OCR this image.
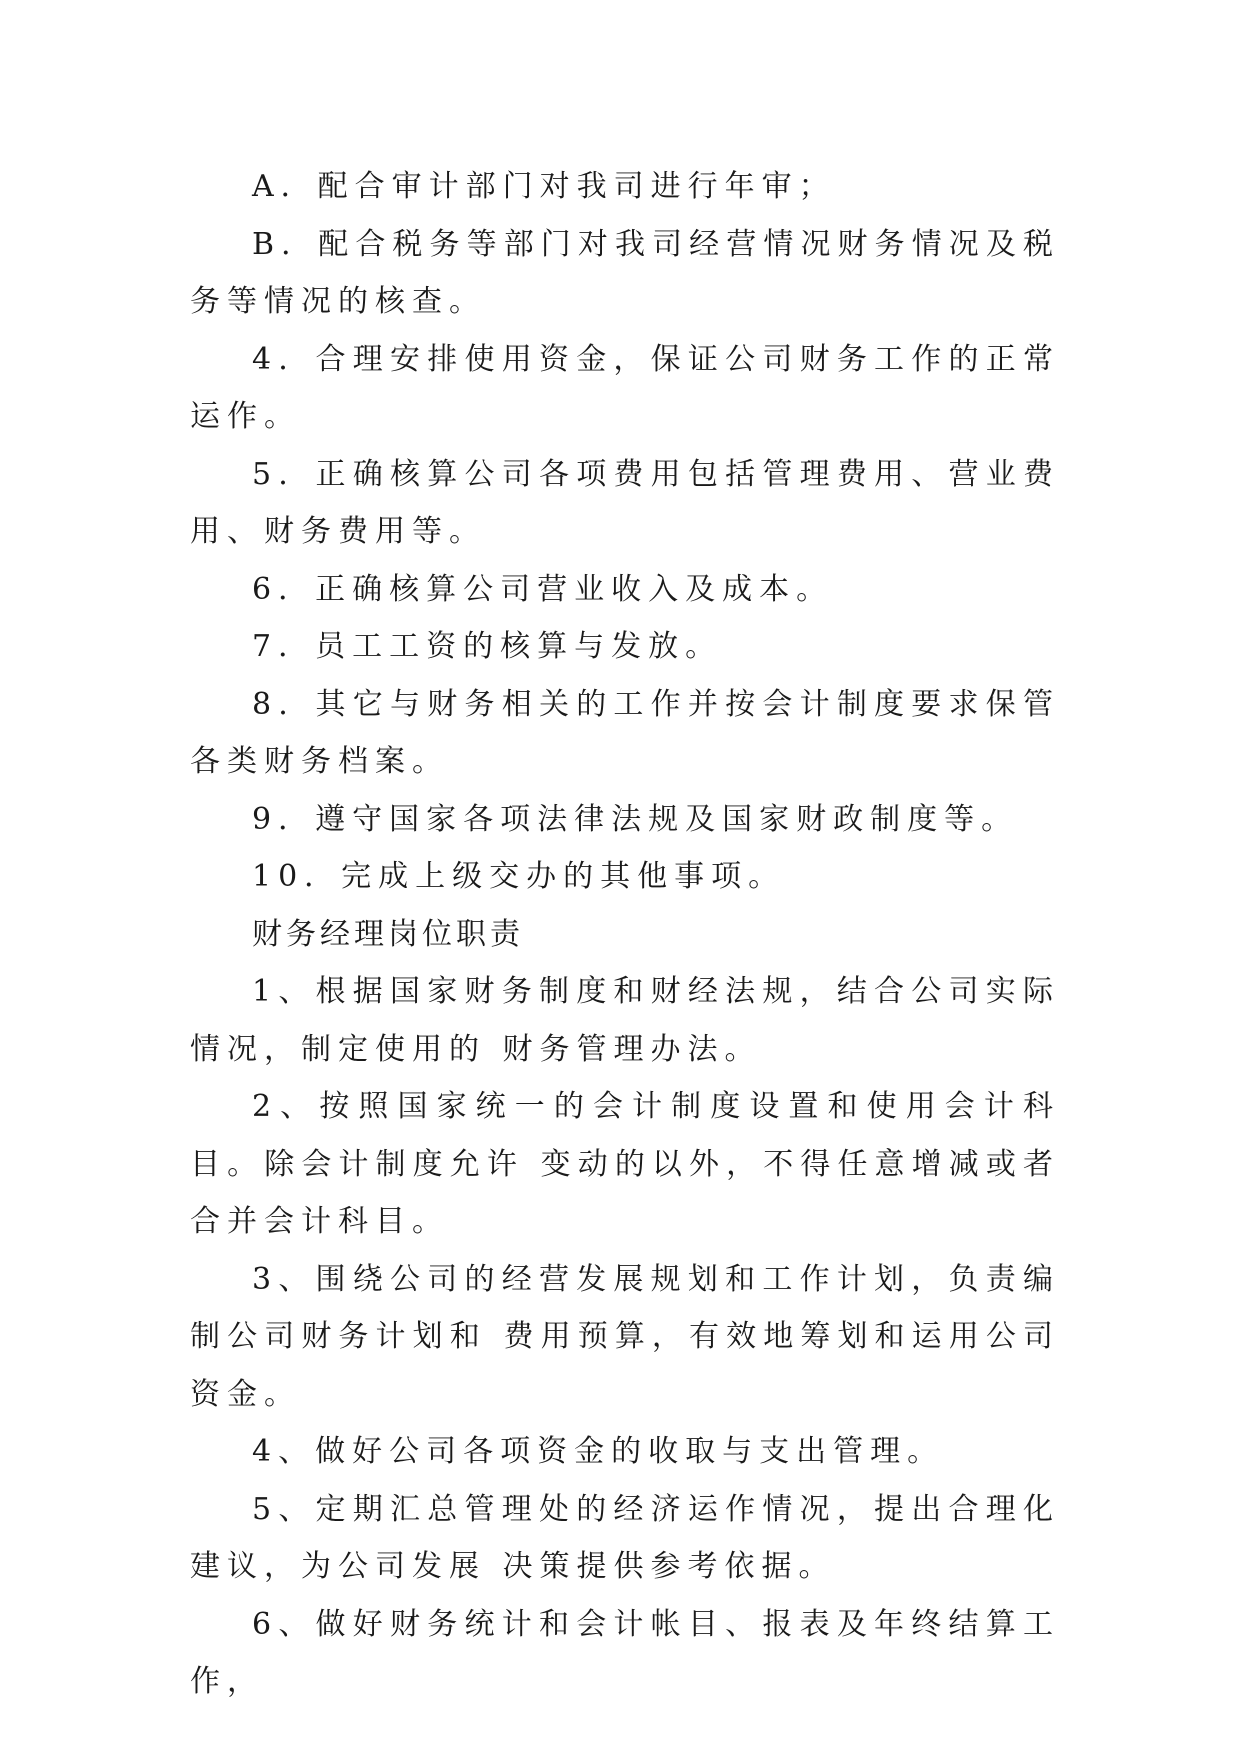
A．配合审计部门对我司进行年审；

B．配合税务等部门对我司经营情况财务情况及税务等情况的核查。

4．合理安排使用资金，保证公司财务工作的正常运作。

5．正确核算公司各项费用包括管理费用、营业费用、财务费用等。

6．正确核算公司营业收入及成本。

7．员工工资的核算与发放。

8．其它与财务相关的工作并按会计制度要求保管各类财务档案。

9．遵守国家各项法律法规及国家财政制度等。

10．完成上级交办的其他事项。

财务经理岗位职责

1、根据国家财务制度和财经法规，结合公司实际情况，制定使用的 财务管理办法。

2、按照国家统一的会计制度设置和使用会计科目。除会计制度允许 变动的以外，不得任意增减或者合并会计科目。

3、围绕公司的经营发展规划和工作计划，负责编制公司财务计划和 费用预算，有效地筹划和运用公司资金。

4、做好公司各项资金的收取与支出管理。

5、定期汇总管理处的经济运作情况，提出合理化建议，为公司发展 决策提供参考依据。

6、做好财务统计和会计帐目、报表及年终结算工作，
